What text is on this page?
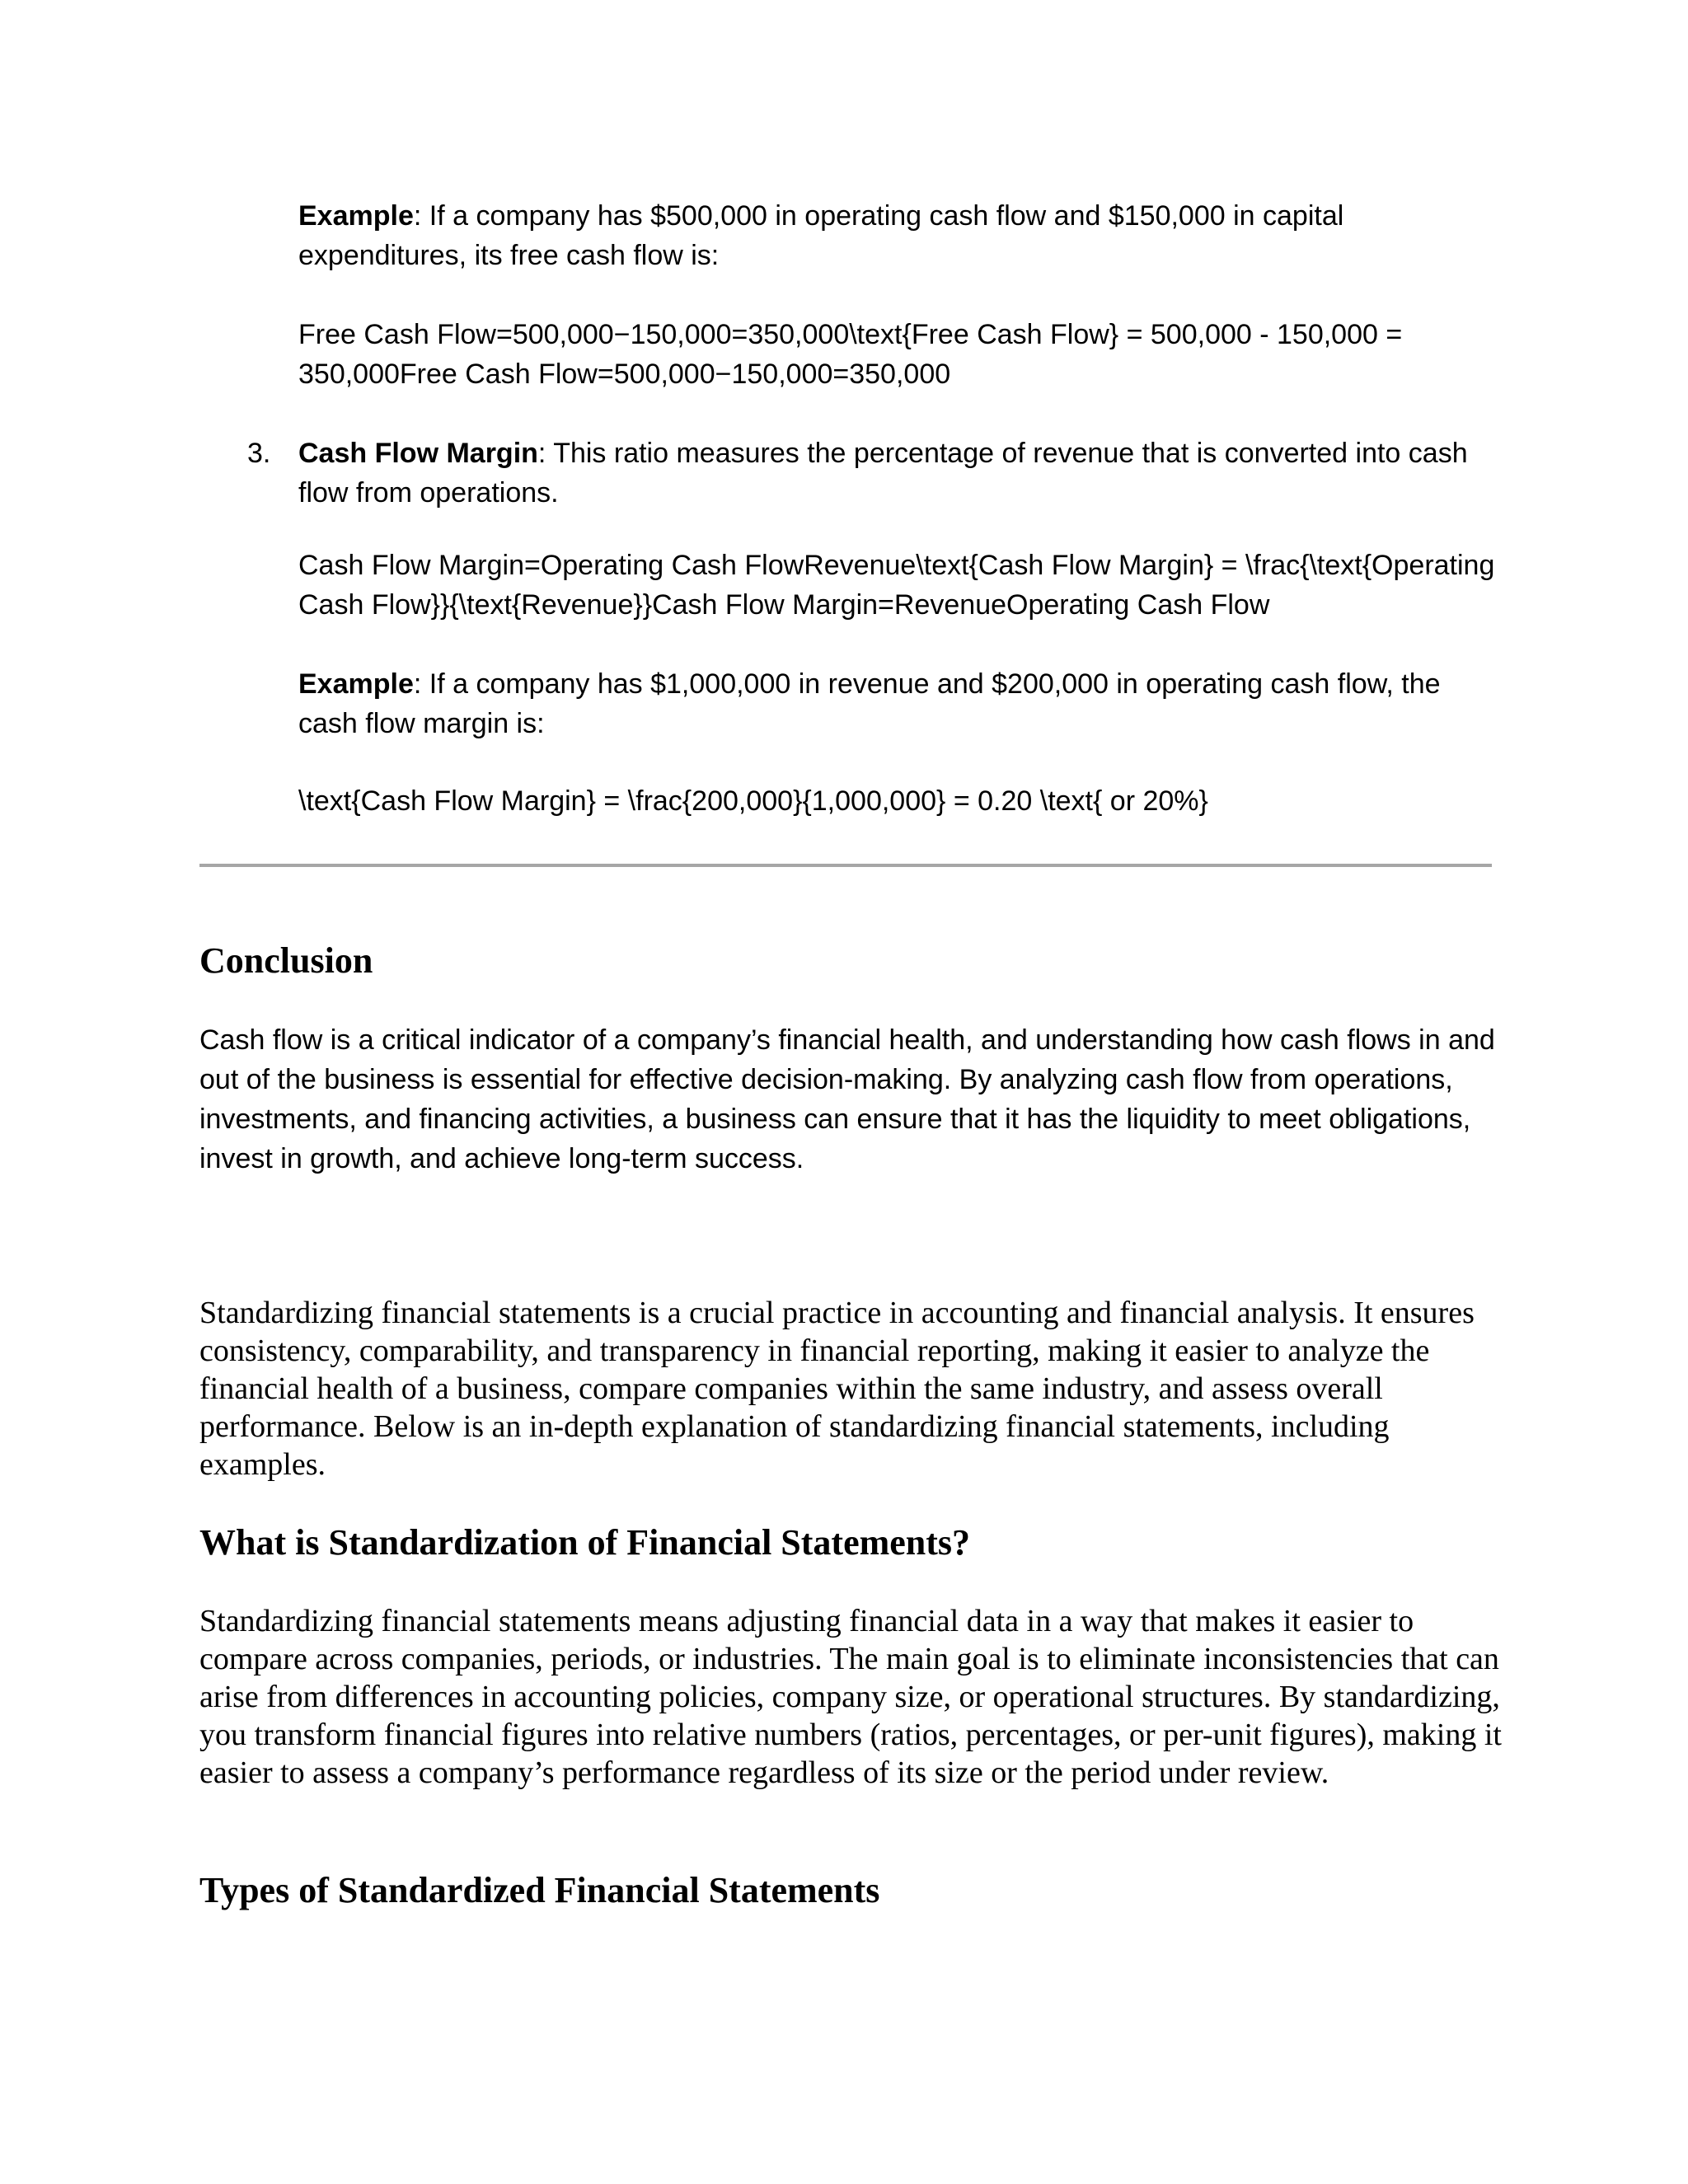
Example: If a company has $500,000 in operating cash flow and $150,000 in capital expenditures, its free cash flow is:

Free Cash Flow=500,000−150,000=350,000\text{Free Cash Flow} = 500,000 - 150,000 = 350,000Free Cash Flow=500,000−150,000=350,000

3. Cash Flow Margin: This ratio measures the percentage of revenue that is converted into cash flow from operations.

Cash Flow Margin=Operating Cash FlowRevenue\text{Cash Flow Margin} = \frac{\text{Operating Cash Flow}}{\text{Revenue}}Cash Flow Margin=RevenueOperating Cash Flow

Example: If a company has $1,000,000 in revenue and $200,000 in operating cash flow, the cash flow margin is:

\text{Cash Flow Margin} = \frac{200,000}{1,000,000} = 0.20 \text{ or 20%}

Conclusion

Cash flow is a critical indicator of a company’s financial health, and understanding how cash flows in and out of the business is essential for effective decision-making. By analyzing cash flow from operations, investments, and financing activities, a business can ensure that it has the liquidity to meet obligations, invest in growth, and achieve long-term success.

Standardizing financial statements is a crucial practice in accounting and financial analysis. It ensures consistency, comparability, and transparency in financial reporting, making it easier to analyze the financial health of a business, compare companies within the same industry, and assess overall performance. Below is an in-depth explanation of standardizing financial statements, including examples.

What is Standardization of Financial Statements?

Standardizing financial statements means adjusting financial data in a way that makes it easier to compare across companies, periods, or industries. The main goal is to eliminate inconsistencies that can arise from differences in accounting policies, company size, or operational structures. By standardizing, you transform financial figures into relative numbers (ratios, percentages, or per-unit figures), making it easier to assess a company’s performance regardless of its size or the period under review.

Types of Standardized Financial Statements
